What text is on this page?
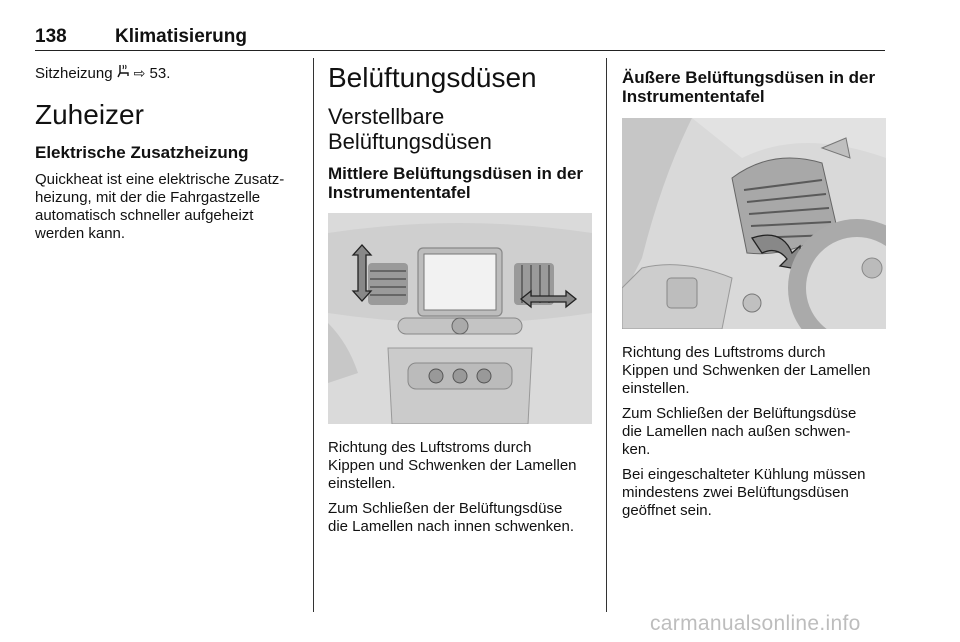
138	Klimatisierung
Sitzheizung ⇨ 53.
Zuheizer
Elektrische Zusatzheizung

Quickheat ist eine elektrische Zusatz-

heizung, mit der die Fahrgastzelle

automatisch schneller aufgeheizt

werden kann.

Belüftungsdüsen
Verstellbare
Belüftungsdüsen
Mittlere Belüftungsdüsen in der
Instrumententafel

Richtung des Luftstroms durch

Kippen und Schwenken der Lamellen

einstellen.

Zum Schließen der Belüftungsdüse

die Lamellen nach innen schwenken.

Äußere Belüftungsdüsen in der
Instrumententafel

Richtung des Luftstroms durch

Kippen und Schwenken der Lamellen

einstellen.

Zum Schließen der Belüftungsdüse

die Lamellen nach außen schwen-

ken.

Bei eingeschalteter Kühlung müssen

mindestens zwei Belüftungsdüsen

geöffnet sein.

carmanualsonline.info
